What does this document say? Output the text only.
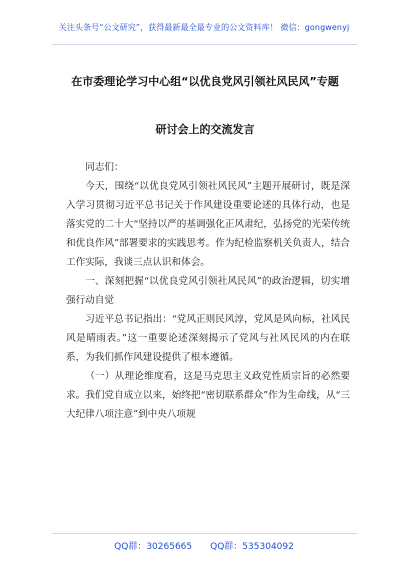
关注头条号“公文研究”，获得最新最全最专业的公文资料库！ 微信：gongwenyj
在市委理论学习中心组“以优良党风引领社风民风”专题
研讨会上的交流发言

同志们：

今天，围绕“以优良党风引领社风民风”主题开展研讨，既是深入学习贯彻习近平总书记关于作风建设重要论述的具体行动，也是落实党的二十大“坚持以严的基调强化正风肃纪，弘扬党的光荣传统和优良作风”部署要求的实践思考。作为纪检监察机关负责人，结合工作实际，我谈三点认识和体会。

一、深刻把握“以优良党风引领社风民风”的政治逻辑，切实增强行动自觉

习近平总书记指出：“党风正则民风淳，党风是风向标，社风民风是晴雨表。”这一重要论述深刻揭示了党风与社风民风的内在联系，为我们抓作风建设提供了根本遵循。

（一）从理论维度看，这是马克思主义政党性质宗旨的必然要求。我们党自成立以来，始终把“密切联系群众”作为生命线，从“三大纪律八项注意”到中央八项规

QQ群：30265665 QQ群：535304092
